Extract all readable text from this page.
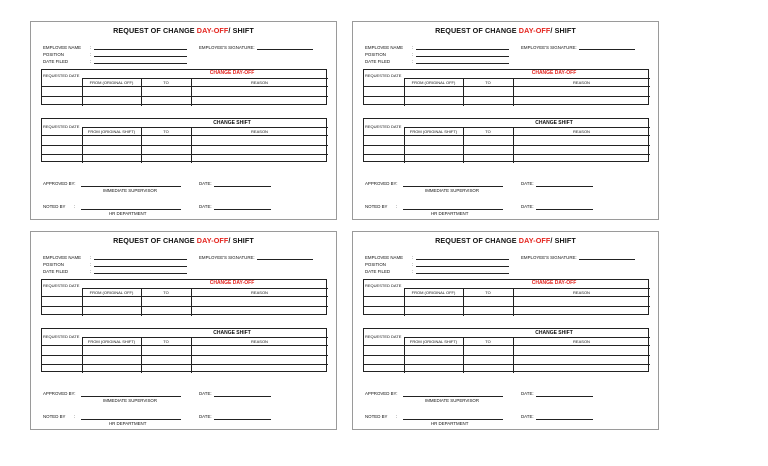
REQUEST OF CHANGE DAY-OFF/ SHIFT
EMPLOVEE NAME :	EMPLOYEE'S SIGNATURE:
POSITION	:
DATE FILED	:
REQUESTED DATE	CHANGE DAY-OFF
FROM (ORIGINAL OFF)	TO	REASON
REQUESTED DATE
CHANGE SHIFT
FROM (ORIGINAL SHIFT)	TO	REASON
APPROVED BY:
IMMEDIATE SUPERVISOR
DATE:
NOTED BY :
HR DEPARTMENT
DATE:
REQUEST OF CHANGE DAY-OFF/ SHIFT
EMPLOVEE NAME :	EMPLOYEE'S SIGNATURE:
POSITION	:
DATE FILED	:
REQUESTED DATE	CHANGE DAY-OFF
FROM (ORIGINAL OFF)	TO	REASON
REQUESTED DATE
CHANGE SHIFT
FROM (ORIGINAL SHIFT)	TO	REASON
APPROVED BY:
IMMEDIATE SUPERVISOR
DATE:
NOTED BY :
HR DEPARTMENT
DATE:
REQUEST OF CHANGE DAY-OFF/ SHIFT
EMPLOVEE NAME :	EMPLOYEE'S SIGNATURE:
POSITION	:
DATE FILED	:
REQUESTED DATE	CHANGE DAY-OFF
FROM (ORIGINAL OFF)	TO	REASON
REQUESTED DATE
CHANGE SHIFT
FROM (ORIGINAL SHIFT)	TO	REASON
APPROVED BY:
IMMEDIATE SUPERVISOR
DATE:
NOTED BY :
HR DEPARTMENT
DATE:
REQUEST OF CHANGE DAY-OFF/ SHIFT
EMPLOVEE NAME :	EMPLOYEE'S SIGNATURE:
POSITION	:
DATE FILED	:
REQUESTED DATE	CHANGE DAY-OFF
FROM (ORIGINAL OFF)	TO	REASON
REQUESTED DATE
CHANGE SHIFT
FROM (ORIGINAL SHIFT)	TO	REASON
APPROVED BY:
IMMEDIATE SUPERVISOR
DATE:
NOTED BY :
HR DEPARTMENT
DATE:
